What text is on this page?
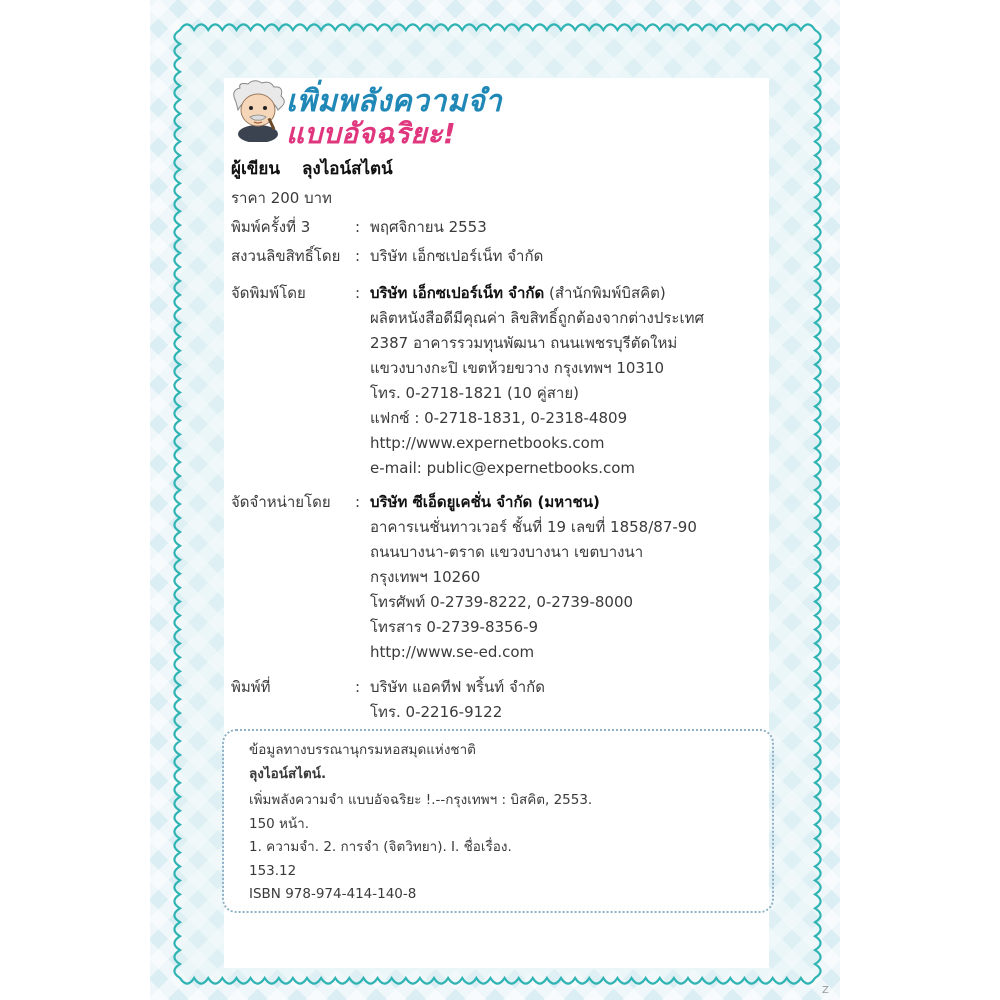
เพิ่มพลังความจำ
แบบอัจฉริยะ!
ผู้เขียน ลุงไอน์สไตน์
ราคา 200 บาท
พิมพ์ครั้งที่ 3	: พฤศจิกายน 2553
สงวนลิขสิทธิ์โดย : บริษัท เอ็กซเปอร์เน็ท จำกัด
จัดพิมพ์โดย	: บริษัท เอ็กซเปอร์เน็ท จำกัด (สำนักพิมพ์บิสคิต)
ผลิตหนังสือดีมีคุณค่า ลิขสิทธิ์ถูกต้องจากต่างประเทศ
2387 อาคารรวมทุนพัฒนา ถนนเพชรบุรีตัดใหม่
แขวงบางกะปิ เขตห้วยขวาง กรุงเทพฯ 10310
โทร. 0-2718-1821 (10 คู่สาย)
แฟกซ์ : 0-2718-1831, 0-2318-4809
http://www.expernetbooks.com
e-mail: public@expernetbooks.com
จัดจำหน่ายโดย : บริษัท ซีเอ็ดยูเคชั่น จำกัด (มหาชน)
อาคารเนชั่นทาวเวอร์ ชั้นที่ 19 เลขที่ 1858/87-90
ถนนบางนา-ตราด แขวงบางนา เขตบางนา
กรุงเทพฯ 10260
โทรศัพท์ 0-2739-8222, 0-2739-8000
โทรสาร 0-2739-8356-9
http://www.se-ed.com
พิมพ์ที่	: บริษัท แอคทีฟ พริ้นท์ จำกัด
โทร. 0-2216-9122
ข้อมูลทางบรรณานุกรมหอสมุดแห่งชาติ
ลุงไอน์สไตน์.
เพิ่มพลังความจำ แบบอัจฉริยะ !.--กรุงเทพฯ : บิสคิต, 2553.
150 หน้า.
1. ความจำ. 2. การจำ (จิตวิทยา). I. ชื่อเรื่อง.
153.12
ISBN 978-974-414-140-8
Z
